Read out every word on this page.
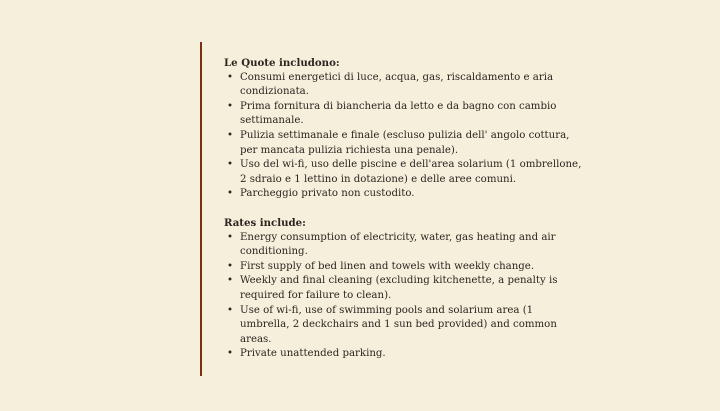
Le Quote includono:
• Consumi energetici di luce, acqua, gas, riscaldamento e aria condizionata.
• Prima fornitura di biancheria da letto e da bagno con cambio settimanale.
• Pulizia settimanale e finale (escluso pulizia dell' angolo cottura, per mancata pulizia richiesta una penale).
• Uso del wi-fi, uso delle piscine e dell'area solarium (1 ombrellone, 2 sdraio e 1 lettino in dotazione) e delle aree comuni.
• Parcheggio privato non custodito.
Rates include:
• Energy consumption of electricity, water, gas heating and air conditioning.
• First supply of bed linen and towels with weekly change.
• Weekly and final cleaning (excluding kitchenette, a penalty is required for failure to clean).
• Use of wi-fi, use of swimming pools and solarium area (1 umbrella, 2 deckchairs and 1 sun bed provided) and common areas.
• Private unattended parking.
